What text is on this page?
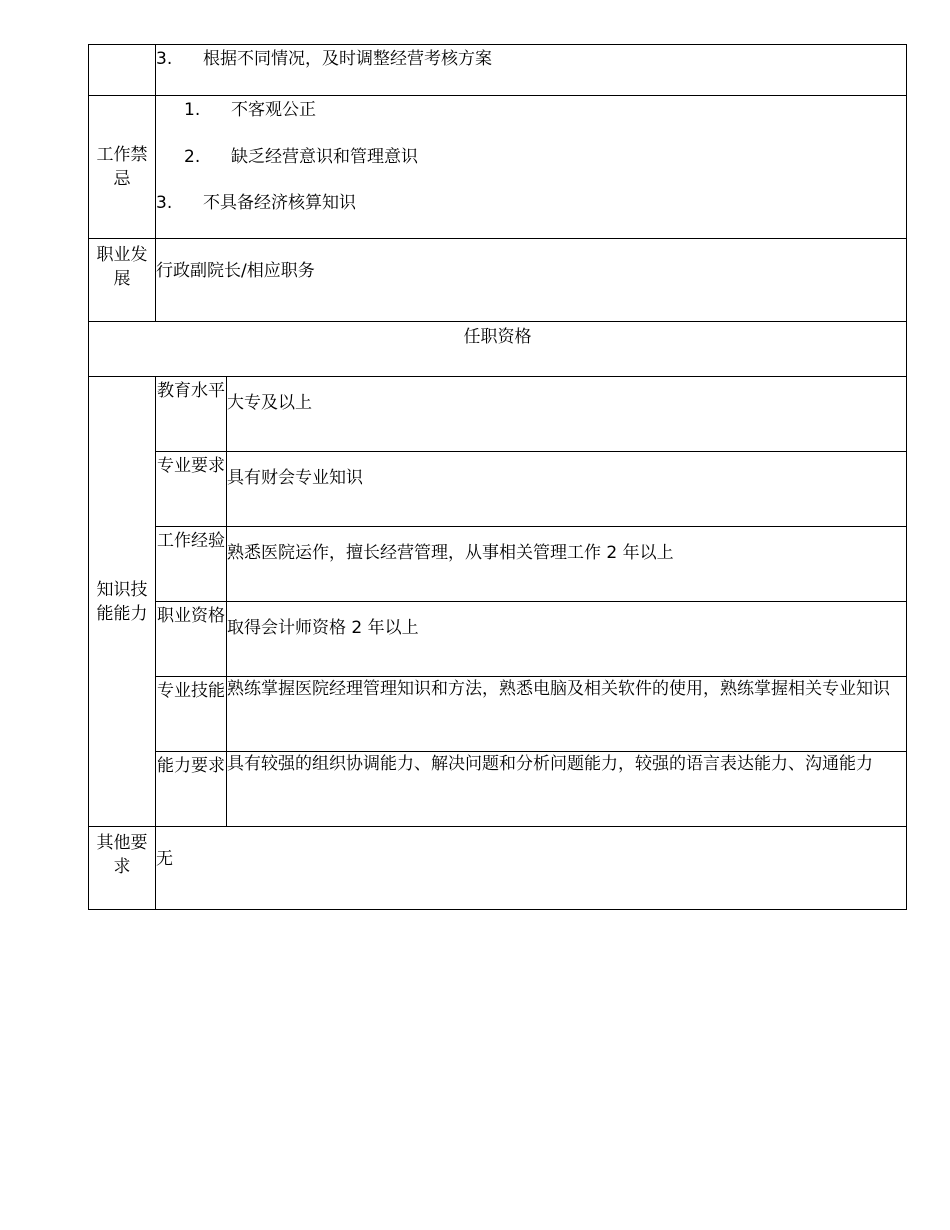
	3. 根据不同情况，及时调整经营考核方案	

工作禁忌	1. 不客观公正
2. 缺乏经营意识和管理意识
3. 不具备经济核算知识	

职业发展	行政副院长/相应职务	
任职资格		
知识技能能力	教育水平	大专及以上
	专业要求	具有财会专业知识
	工作经验	熟悉医院运作，擅长经营管理，从事相关管理工作 2 年以上
	职业资格	取得会计师资格 2 年以上
	专业技能	熟练掌握医院经理管理知识和方法，熟悉电脑及相关软件的使用，熟练掌握相关专业知识
	能力要求	具有较强的组织协调能力、解决问题和分析问题能力，较强的语言表达能力、沟通能力
其他要求	无	
